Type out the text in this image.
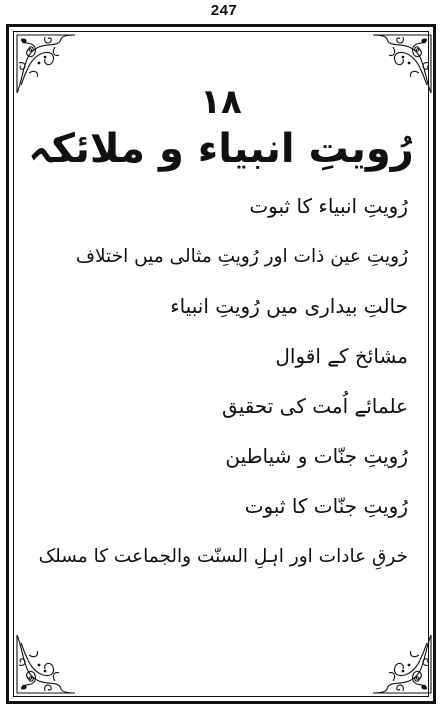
247
١٨
رُویتِ انبیاء و ملائکہ
رُویتِ انبیاء کا ثبوت
رُویتِ عین ذات اور رُویتِ مثالی میں اختلاف
حالتِ بیداری میں رُویتِ انبیاء
مشائخ کے اقوال
علمائے اُمت کی تحقیق
رُویتِ جنّات و شیاطین
رُویتِ جنّات کا ثبوت
خرقِ عادات اور اہلِ السنّت والجماعت کا مسلک
